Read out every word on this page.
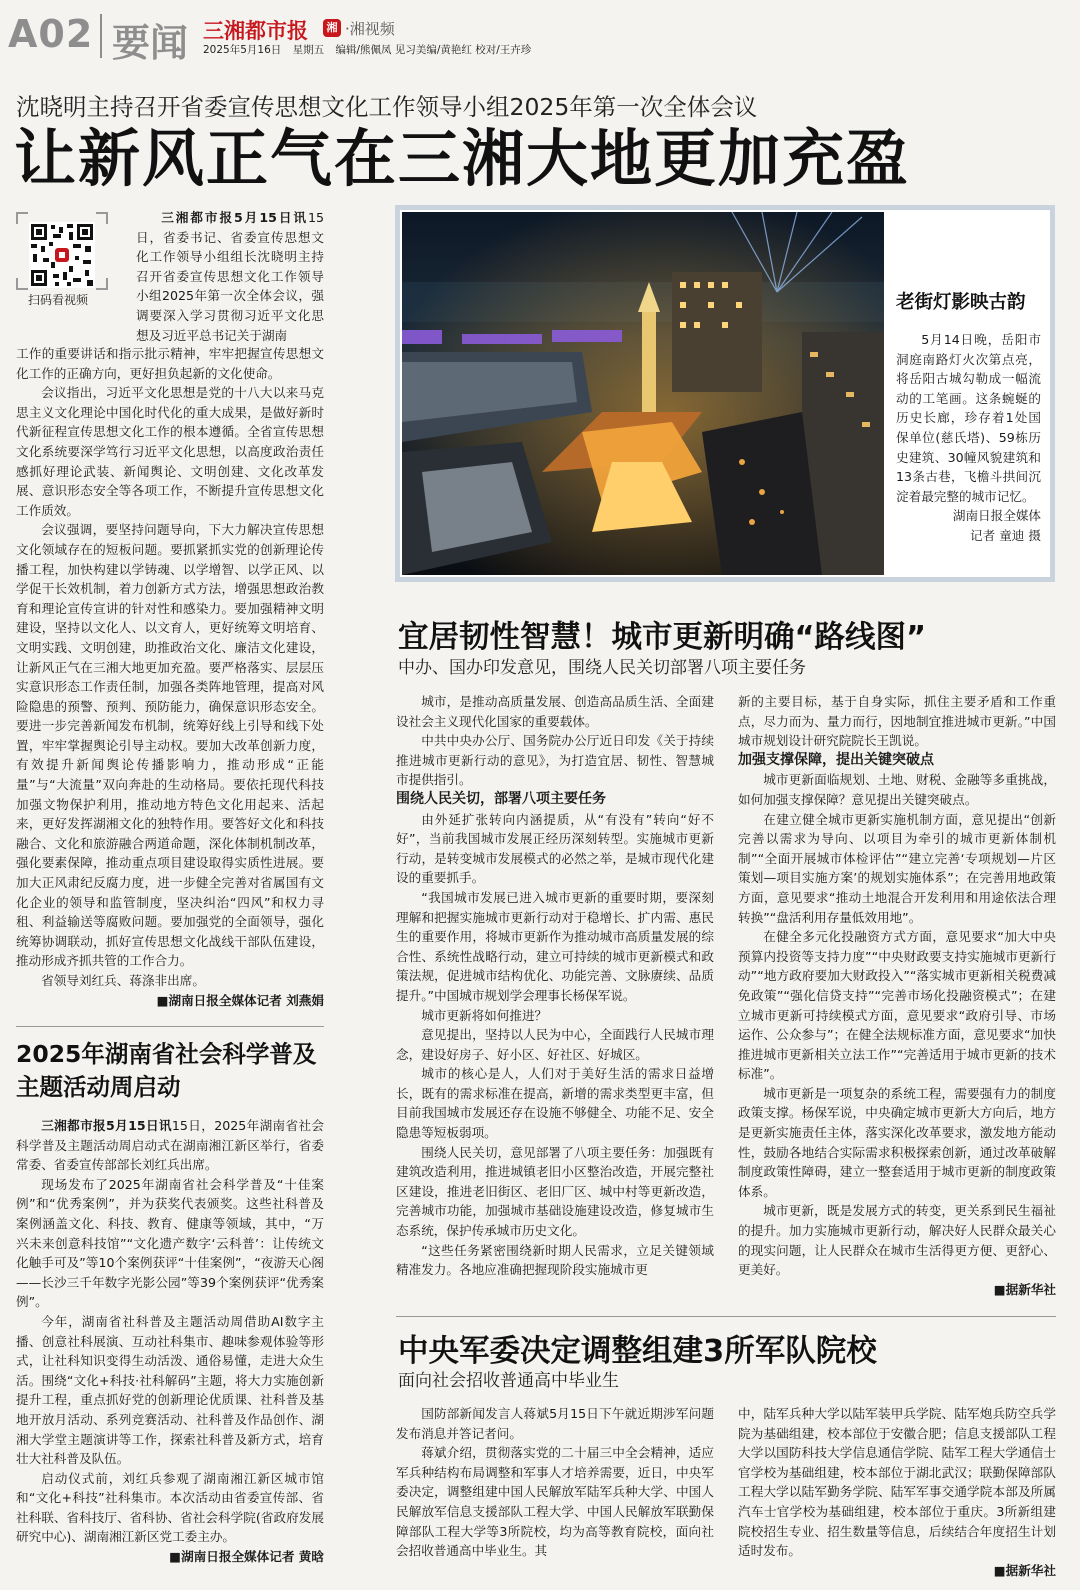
A02 要闻 三湘都市报	湘 ·湘视频
2025年5月16日 星期五 编辑/熊佩凤 见习美编/黄艳红 校对/王卉珍
沈晓明主持召开省委宣传思想文化工作领导小组2025年第一次全体会议
让新风正气在三湘大地更加充盈
扫码看视频

三湘都市报5月15日讯15日，省委书记、省委宣传思想文化工作领导小组组长沈晓明主持召开省委宣传思想文化工作领导小组2025年第一次全体会议，强调要深入学习贯彻习近平文化思想及习近平总书记关于湖南

工作的重要讲话和指示批示精神，牢牢把握宣传思想文化工作的正确方向，更好担负起新的文化使命。

会议指出，习近平文化思想是党的十八大以来马克思主义文化理论中国化时代化的重大成果，是做好新时代新征程宣传思想文化工作的根本遵循。全省宣传思想文化系统要深学笃行习近平文化思想，以高度政治责任感抓好理论武装、新闻舆论、文明创建、文化改革发展、意识形态安全等各项工作，不断提升宣传思想文化工作质效。

会议强调，要坚持问题导向，下大力解决宣传思想文化领域存在的短板问题。要抓紧抓实党的创新理论传播工程，加快构建以学铸魂、以学增智、以学正风、以学促干长效机制，着力创新方式方法，增强思想政治教育和理论宣传宣讲的针对性和感染力。要加强精神文明建设，坚持以文化人、以文育人，更好统筹文明培育、文明实践、文明创建，助推政治文化、廉洁文化建设，让新风正气在三湘大地更加充盈。要严格落实、层层压实意识形态工作责任制，加强各类阵地管理，提高对风险隐患的预警、预判、预防能力，确保意识形态安全。要进一步完善新闻发布机制，统筹好线上引导和线下处置，牢牢掌握舆论引导主动权。要加大改革创新力度，有效提升新闻舆论传播影响力，推动形成“正能量”与“大流量”双向奔赴的生动格局。要依托现代科技加强文物保护利用，推动地方特色文化用起来、活起来，更好发挥湖湘文化的独特作用。要答好文化和科技融合、文化和旅游融合两道命题，深化体制机制改革，强化要素保障，推动重点项目建设取得实质性进展。要加大正风肃纪反腐力度，进一步健全完善对省属国有文化企业的领导和监管制度，坚决纠治“四风”和权力寻租、利益输送等腐败问题。要加强党的全面领导，强化统筹协调联动，抓好宣传思想文化战线干部队伍建设，推动形成齐抓共管的工作合力。

省领导刘红兵、蒋涤非出席。

■湖南日报全媒体记者 刘燕娟

2025年湖南省社会科学普及主题活动周启动

三湘都市报5月15日讯15日，2025年湖南省社会科学普及主题活动周启动式在湖南湘江新区举行，省委常委、省委宣传部部长刘红兵出席。

现场发布了2025年湖南省社会科学普及“十佳案例”和“优秀案例”，并为获奖代表颁奖。这些社科普及案例涵盖文化、科技、教育、健康等领域，其中，“万兴未来创意科技馆”“文化遗产数字‘云科普’：让传统文化触手可及”等10个案例获评“十佳案例”，“夜游天心阁——长沙三千年数字光影公园”等39个案例获评“优秀案例”。

今年，湖南省社科普及主题活动周借助AI数字主播、创意社科展演、互动社科集市、趣味参观体验等形式，让社科知识变得生动活泼、通俗易懂，走进大众生活。围绕“文化+科技·社科解码”主题，将大力实施创新提升工程，重点抓好党的创新理论优质课、社科普及基地开放月活动、系列竞赛活动、社科普及作品创作、湖湘大学堂主题演讲等工作，探索社科普及新方式，培育壮大社科普及队伍。

启动仪式前，刘红兵参观了湖南湘江新区城市馆和“文化+科技”社科集市。本次活动由省委宣传部、省社科联、省科技厅、省科协、省社会科学院(省政府发展研究中心)、湖南湘江新区党工委主办。

■湖南日报全媒体记者 黄晗

老街灯影映古韵

5月14日晚，岳阳市洞庭南路灯火次第点亮，将岳阳古城勾勒成一幅流动的工笔画。这条蜿蜒的历史长廊，珍存着1处国保单位(慈氏塔)、59栋历史建筑、30幢风貌建筑和13条古巷，飞檐斗拱间沉淀着最完整的城市记忆。

湖南日报全媒体

记者 童迪 摄

宜居韧性智慧！城市更新明确“路线图”
中办、国办印发意见，围绕人民关切部署八项主要任务

城市，是推动高质量发展、创造高品质生活、全面建设社会主义现代化国家的重要载体。

中共中央办公厅、国务院办公厅近日印发《关于持续推进城市更新行动的意见》，为打造宜居、韧性、智慧城市提供指引。

围绕人民关切，部署八项主要任务

由外延扩张转向内涵提质，从“有没有”转向“好不好”，当前我国城市发展正经历深刻转型。实施城市更新行动，是转变城市发展模式的必然之举，是城市现代化建设的重要抓手。

“我国城市发展已进入城市更新的重要时期，要深刻理解和把握实施城市更新行动对于稳增长、扩内需、惠民生的重要作用，将城市更新作为推动城市高质量发展的综合性、系统性战略行动，建立可持续的城市更新模式和政策法规，促进城市结构优化、功能完善、文脉赓续、品质提升。”中国城市规划学会理事长杨保军说。

城市更新将如何推进？

意见提出，坚持以人民为中心，全面践行人民城市理念，建设好房子、好小区、好社区、好城区。

城市的核心是人，人们对于美好生活的需求日益增长，既有的需求标准在提高，新增的需求类型更丰富，但目前我国城市发展还存在设施不够健全、功能不足、安全隐患等短板弱项。

围绕人民关切，意见部署了八项主要任务：加强既有建筑改造利用，推进城镇老旧小区整治改造，开展完整社区建设，推进老旧街区、老旧厂区、城中村等更新改造，完善城市功能，加强城市基础设施建设改造，修复城市生态系统，保护传承城市历史文化。

“这些任务紧密围绕新时期人民需求，立足关键领域精准发力。各地应准确把握现阶段实施城市更

新的主要目标，基于自身实际，抓住主要矛盾和工作重点，尽力而为、量力而行，因地制宜推进城市更新。”中国城市规划设计研究院院长王凯说。

加强支撑保障，提出关键突破点

城市更新面临规划、土地、财税、金融等多重挑战，如何加强支撑保障？意见提出关键突破点。

在建立健全城市更新实施机制方面，意见提出“创新完善以需求为导向、以项目为牵引的城市更新体制机制”“全面开展城市体检评估”“建立完善‘专项规划—片区策划—项目实施方案’的规划实施体系”；在完善用地政策方面，意见要求“推动土地混合开发利用和用途依法合理转换”“盘活利用存量低效用地”。

在健全多元化投融资方式方面，意见要求“加大中央预算内投资等支持力度”“中央财政要支持实施城市更新行动”“地方政府要加大财政投入”“落实城市更新相关税费减免政策”“强化信贷支持”“完善市场化投融资模式”；在建立城市更新可持续模式方面，意见要求“政府引导、市场运作、公众参与”；在健全法规标准方面，意见要求“加快推进城市更新相关立法工作”“完善适用于城市更新的技术标准”。

城市更新是一项复杂的系统工程，需要强有力的制度政策支撑。杨保军说，中央确定城市更新大方向后，地方是更新实施责任主体，落实深化改革要求，激发地方能动性，鼓励各地结合实际需求积极探索创新，通过改革破解制度政策性障碍，建立一整套适用于城市更新的制度政策体系。

城市更新，既是发展方式的转变，更关系到民生福祉的提升。加力实施城市更新行动，解决好人民群众最关心的现实问题，让人民群众在城市生活得更方便、更舒心、更美好。

■据新华社

中央军委决定调整组建3所军队院校
面向社会招收普通高中毕业生

国防部新闻发言人蒋斌5月15日下午就近期涉军问题发布消息并答记者问。

蒋斌介绍，贯彻落实党的二十届三中全会精神，适应军兵种结构布局调整和军事人才培养需要，近日，中央军委决定，调整组建中国人民解放军陆军兵种大学、中国人民解放军信息支援部队工程大学、中国人民解放军联勤保障部队工程大学等3所院校，均为高等教育院校，面向社会招收普通高中毕业生。其

中，陆军兵种大学以陆军装甲兵学院、陆军炮兵防空兵学院为基础组建，校本部位于安徽合肥；信息支援部队工程大学以国防科技大学信息通信学院、陆军工程大学通信士官学校为基础组建，校本部位于湖北武汉；联勤保障部队工程大学以陆军勤务学院、陆军军事交通学院本部及所属汽车士官学校为基础组建，校本部位于重庆。3所新组建院校招生专业、招生数量等信息，后续结合年度招生计划适时发布。

■据新华社
